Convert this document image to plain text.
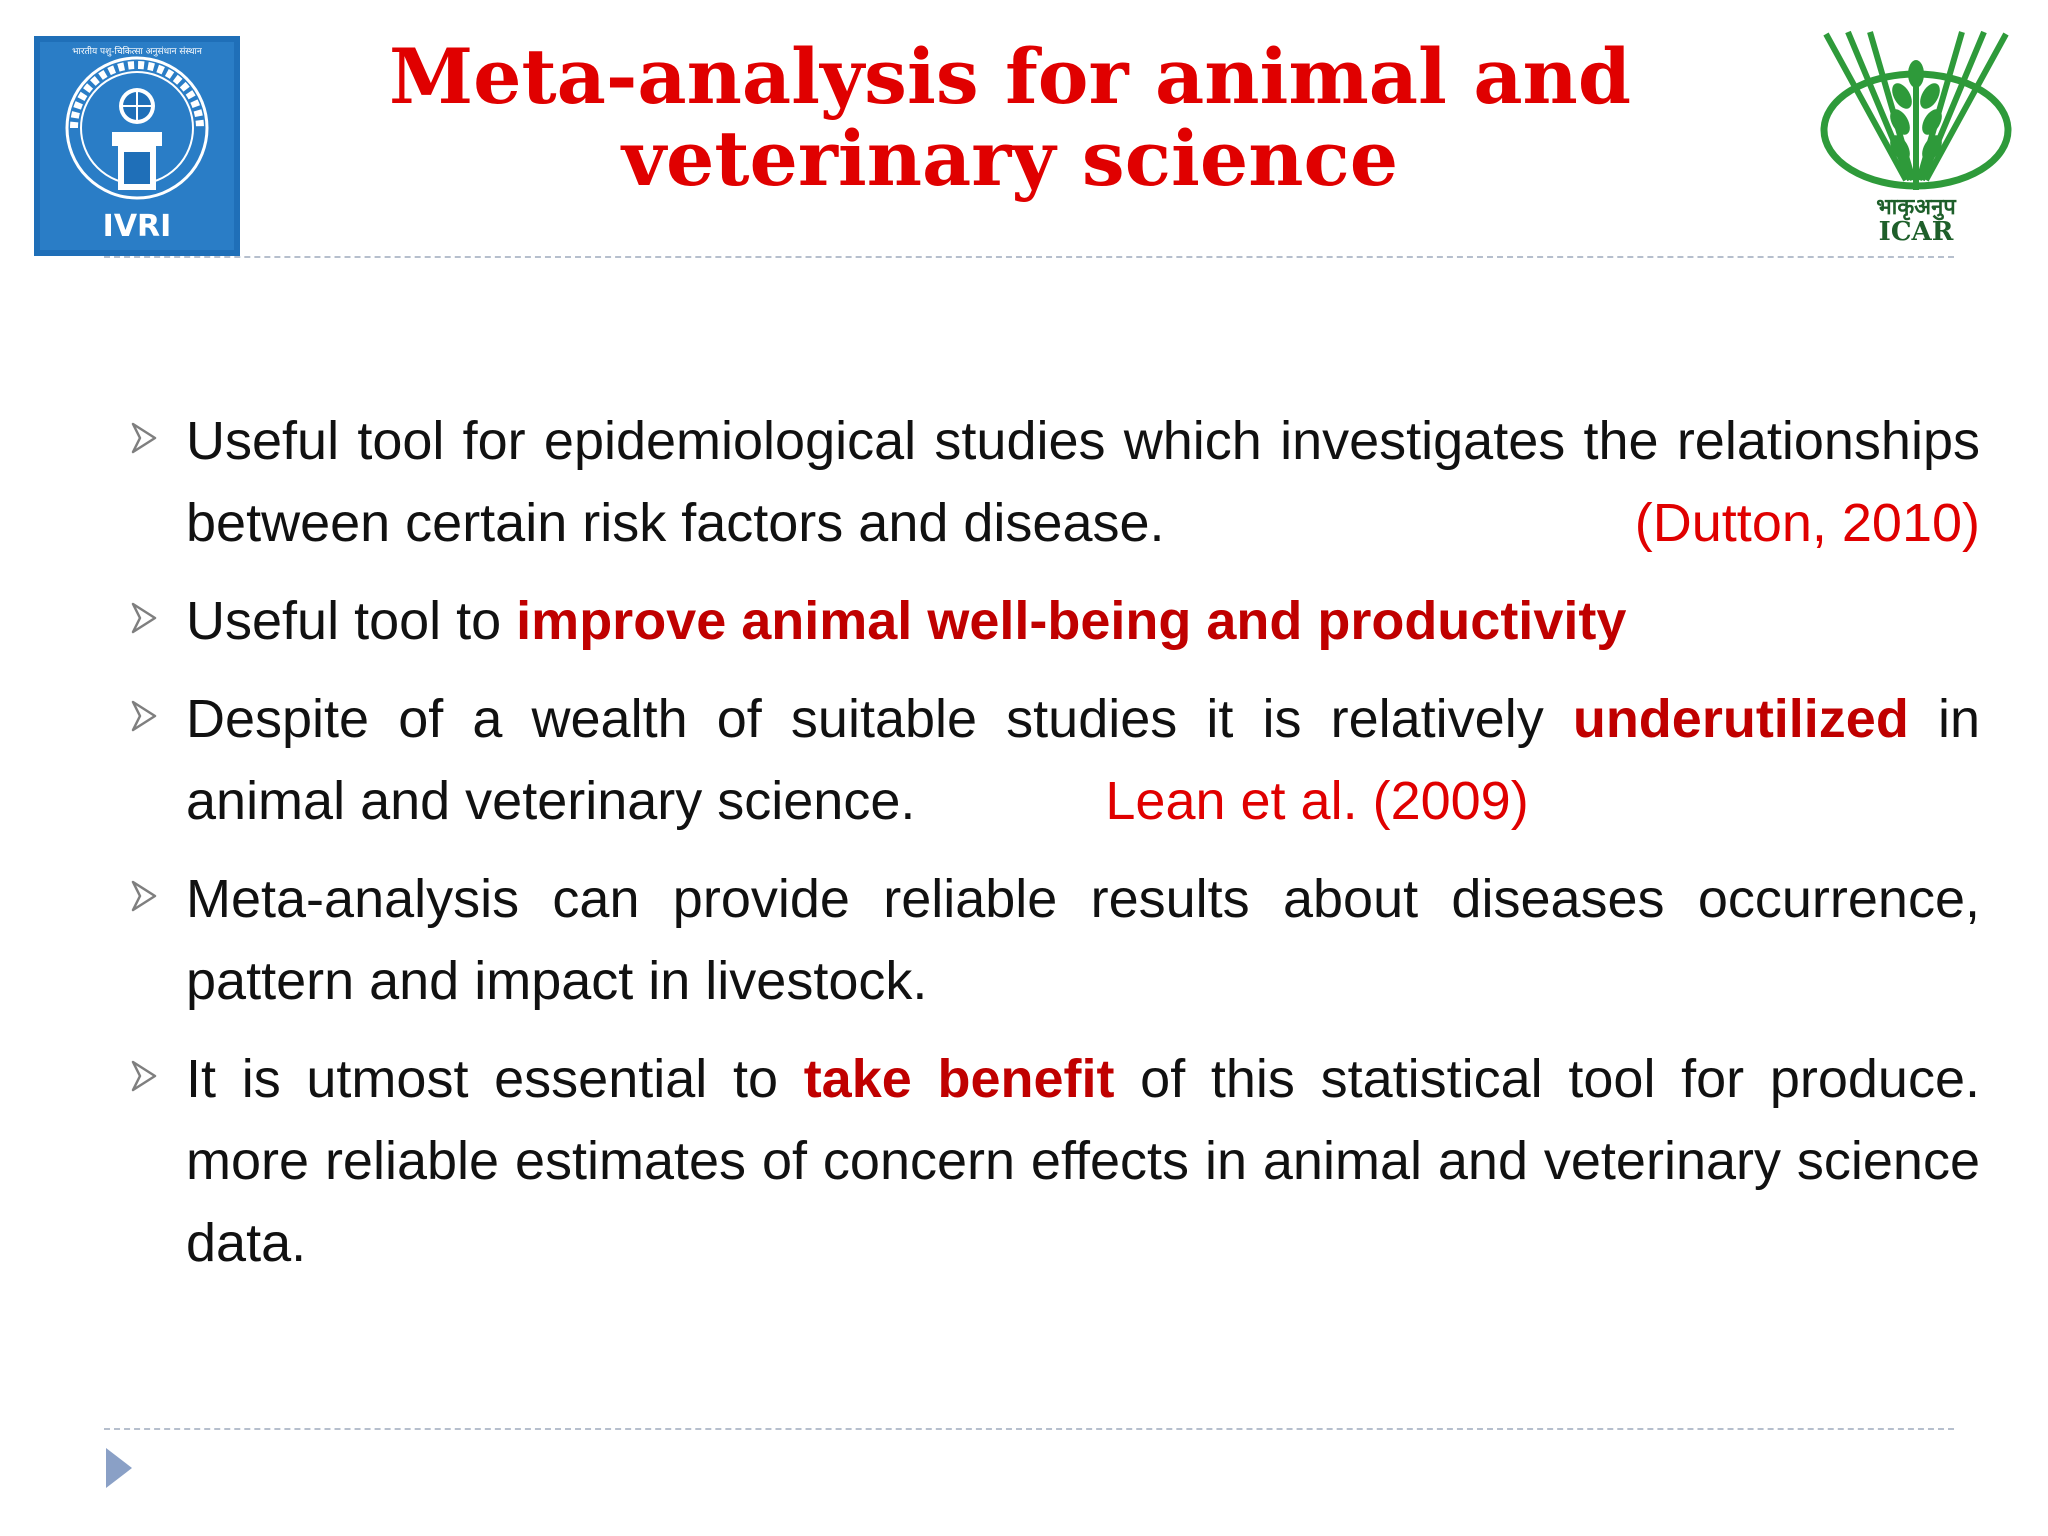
IVRI
भारतीय पशु-चिकित्सा अनुसंधान संस्थान	Meta-analysis for animal and
veterinary science
भाकृअनुप
ICAR
Useful tool for epidemiological studies which investigates the relationships between certain risk factors and disease.	(Dutton, 2010)
Useful tool to improve animal well-being and productivity
Despite of a wealth of suitable studies it is relatively underutilized in animal and veterinary science.	Lean et al. (2009)
Meta-analysis can provide reliable results about diseases occurrence, pattern and impact in livestock.
It is utmost essential to take benefit of this statistical tool for produce. more reliable estimates of concern effects in animal and veterinary science data.
